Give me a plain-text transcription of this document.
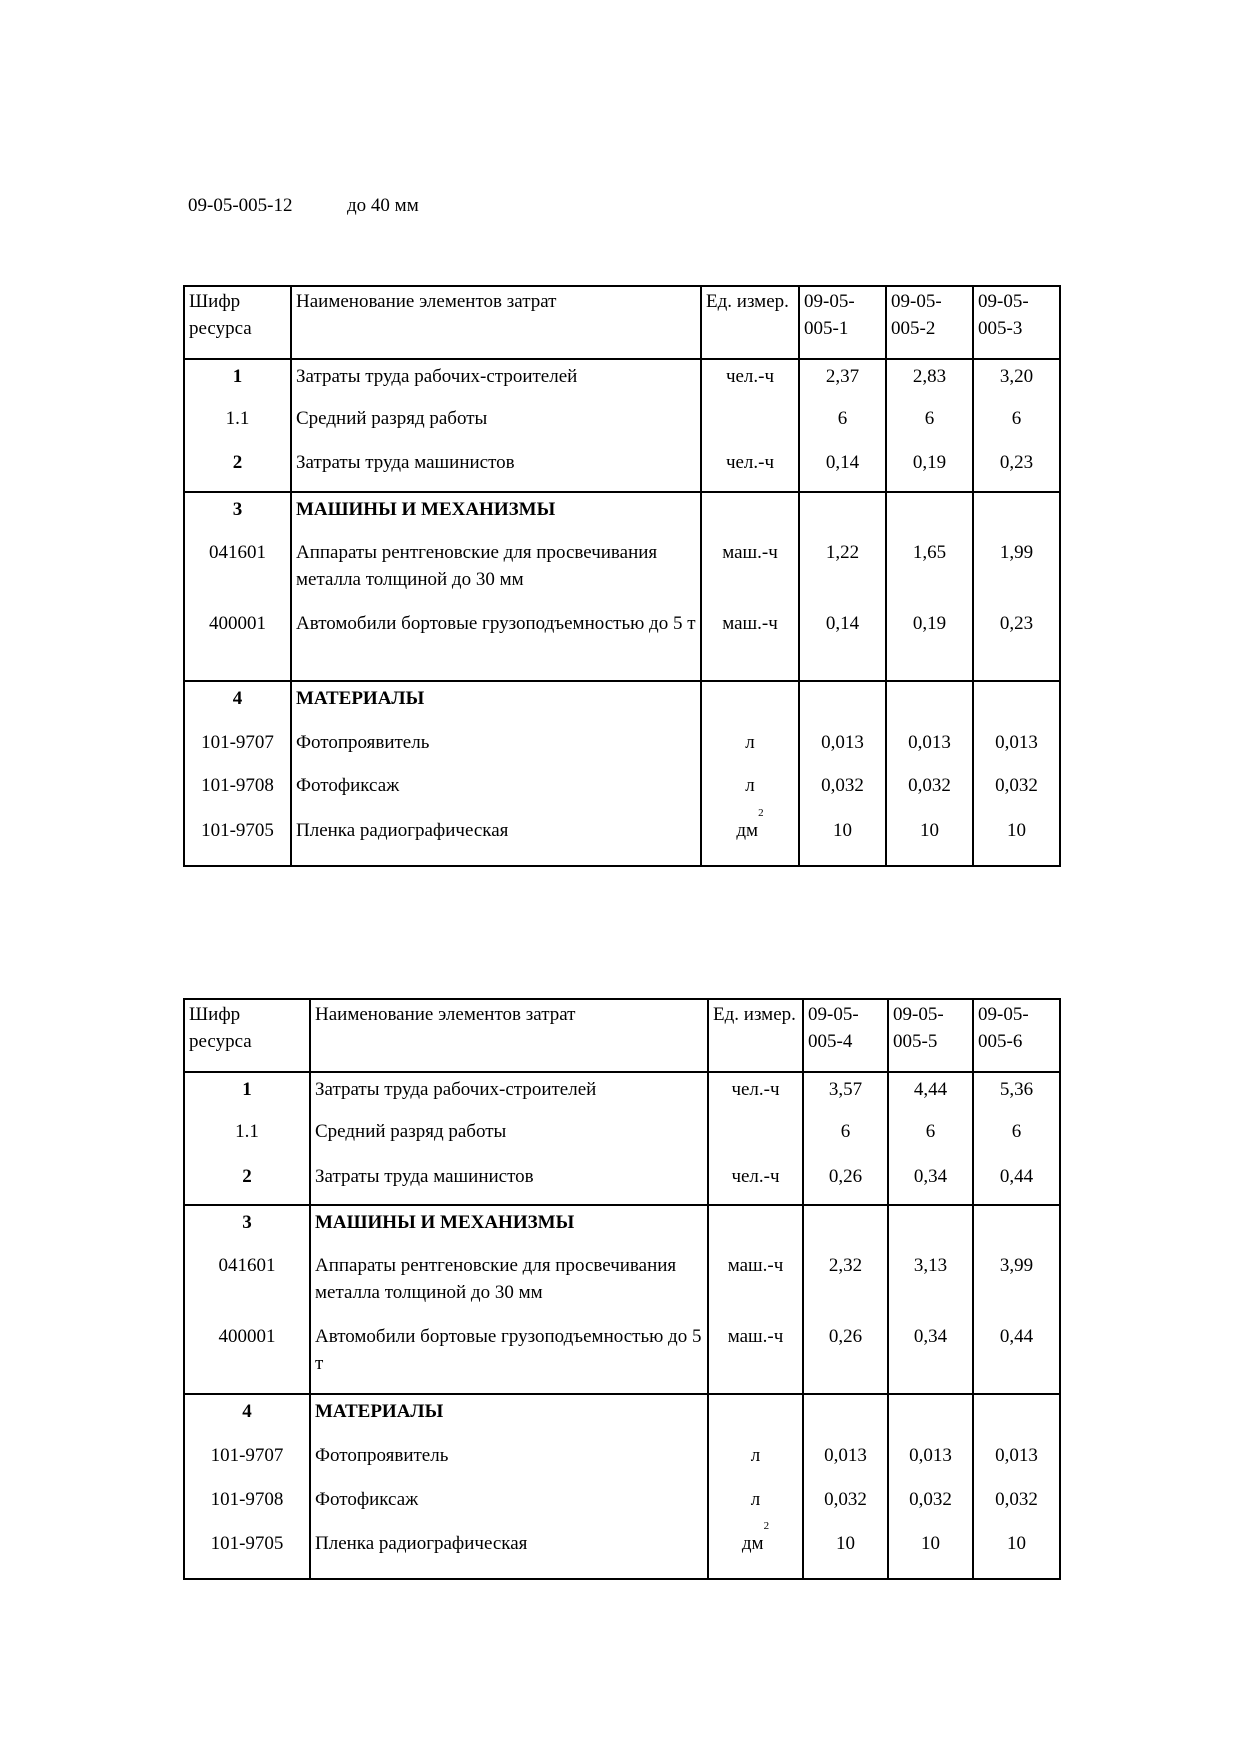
09-05-005-12	до 40 мм
Шифр ресурса	Наименование элементов затрат	Ед. измер.	09-05-005-1	09-05-005-2	09-05-005-3
1	Затраты труда рабочих-строителей	чел.-ч	2,37	2,83	3,20
1.1	Средний разряд работы		6	6	6
2	Затраты труда машинистов	чел.-ч	0,14	0,19	0,23
3	МАШИНЫ И МЕХАНИЗМЫ				
041601	Аппараты рентгеновские для просвечивания металла толщиной до 30 мм	маш.-ч	1,22	1,65	1,99
400001	Автомобили бортовые грузоподъемностью до 5 т	маш.-ч	0,14	0,19	0,23
4	МАТЕРИАЛЫ				
101-9707	Фотопроявитель	л	0,013	0,013	0,013
101-9708	Фотофиксаж	л	0,032	0,032	0,032
101-9705	Пленка радиографическая	$дм^2$	10	10	10
Шифр ресурса	Наименование элементов затрат	Ед. измер.	09-05-005-4	09-05-005-5	09-05-005-6
1	Затраты труда рабочих-строителей	чел.-ч	3,57	4,44	5,36
1.1	Средний разряд работы		6	6	6
2	Затраты труда машинистов	чел.-ч	0,26	0,34	0,44
3	МАШИНЫ И МЕХАНИЗМЫ				
041601	Аппараты рентгеновские для просвечивания металла толщиной до 30 мм	маш.-ч	2,32	3,13	3,99
400001	Автомобили бортовые грузоподъемностью до 5 т	маш.-ч	0,26	0,34	0,44
4	МАТЕРИАЛЫ				
101-9707	Фотопроявитель	л	0,013	0,013	0,013
101-9708	Фотофиксаж	л	0,032	0,032	0,032
101-9705	Пленка радиографическая	$дм^2$	10	10	10
